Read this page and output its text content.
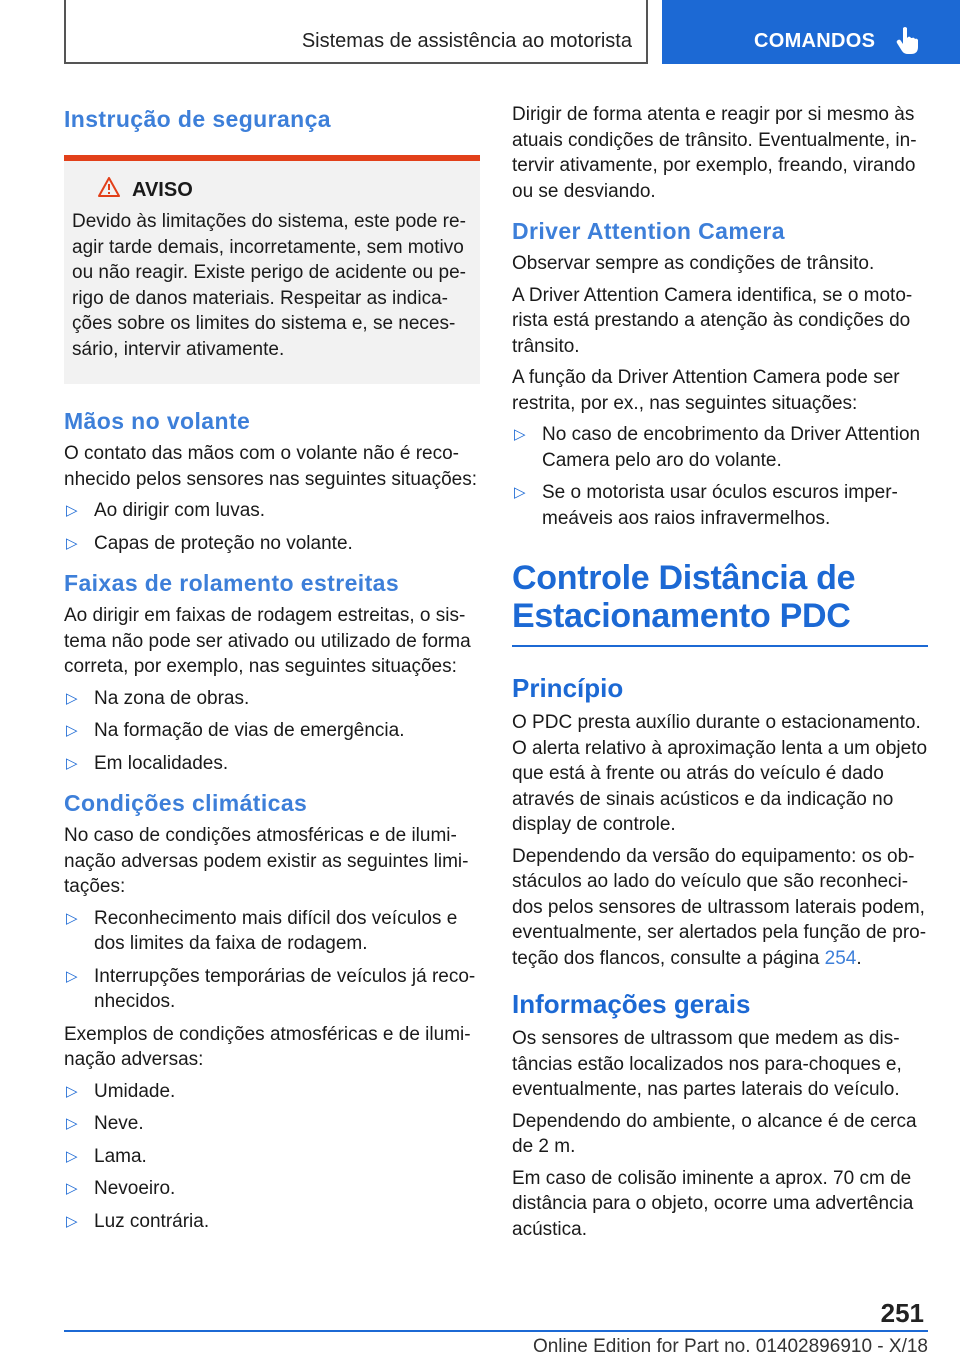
Sistemas de assistência ao motorista	COMANDOS
Instrução de segurança
AVISO

Devido às limitações do sistema, este pode reagir tarde demais, incorretamente, sem motivo ou não reagir. Existe perigo de acidente ou perigo de danos materiais. Respeitar as indicações sobre os limites do sistema e, se necessário, intervir ativamente.

Mãos no volante

O contato das mãos com o volante não é reconhecido pelos sensores nas seguintes situações:

▷ Ao dirigir com luvas.
▷ Capas de proteção no volante.
Faixas de rolamento estreitas

Ao dirigir em faixas de rodagem estreitas, o sistema não pode ser ativado ou utilizado de forma correta, por exemplo, nas seguintes situações:

▷ Na zona de obras.
▷ Na formação de vias de emergência.
▷ Em localidades.
Condições climáticas

No caso de condições atmosféricas e de iluminação adversas podem existir as seguintes limitações:

▷ Reconhecimento mais difícil dos veículos e dos limites da faixa de rodagem.
▷ Interrupções temporárias de veículos já reconhecidos.

Exemplos de condições atmosféricas e de iluminação adversas:

▷ Umidade.
▷ Neve.
▷ Lama.
▷ Nevoeiro.
▷ Luz contrária.

Dirigir de forma atenta e reagir por si mesmo às atuais condições de trânsito. Eventualmente, intervir ativamente, por exemplo, freando, virando ou se desviando.

Driver Attention Camera

Observar sempre as condições de trânsito.

A Driver Attention Camera identifica, se o motorista está prestando a atenção às condições do trânsito.

A função da Driver Attention Camera pode ser restrita, por ex., nas seguintes situações:

▷ No caso de encobrimento da Driver Attention Camera pelo aro do volante.
▷ Se o motorista usar óculos escuros impermeáveis aos raios infravermelhos.
Controle Distância de Estacionamento PDC
Princípio

O PDC presta auxílio durante o estacionamento. O alerta relativo à aproximação lenta a um objeto que está à frente ou atrás do veículo é dado através de sinais acústicos e da indicação no display de controle.

Dependendo da versão do equipamento: os obstáculos ao lado do veículo que são reconhecidos pelos sensores de ultrassom laterais podem, eventualmente, ser alertados pela função de proteção dos flancos, consulte a página 254.

Informações gerais

Os sensores de ultrassom que medem as distâncias estão localizados nos para-choques e, eventualmente, nas partes laterais do veículo.

Dependendo do ambiente, o alcance é de cerca de 2 m.

Em caso de colisão iminente a aprox. 70 cm de distância para o objeto, ocorre uma advertência acústica.

251
Online Edition for Part no. 01402896910 - X/18
